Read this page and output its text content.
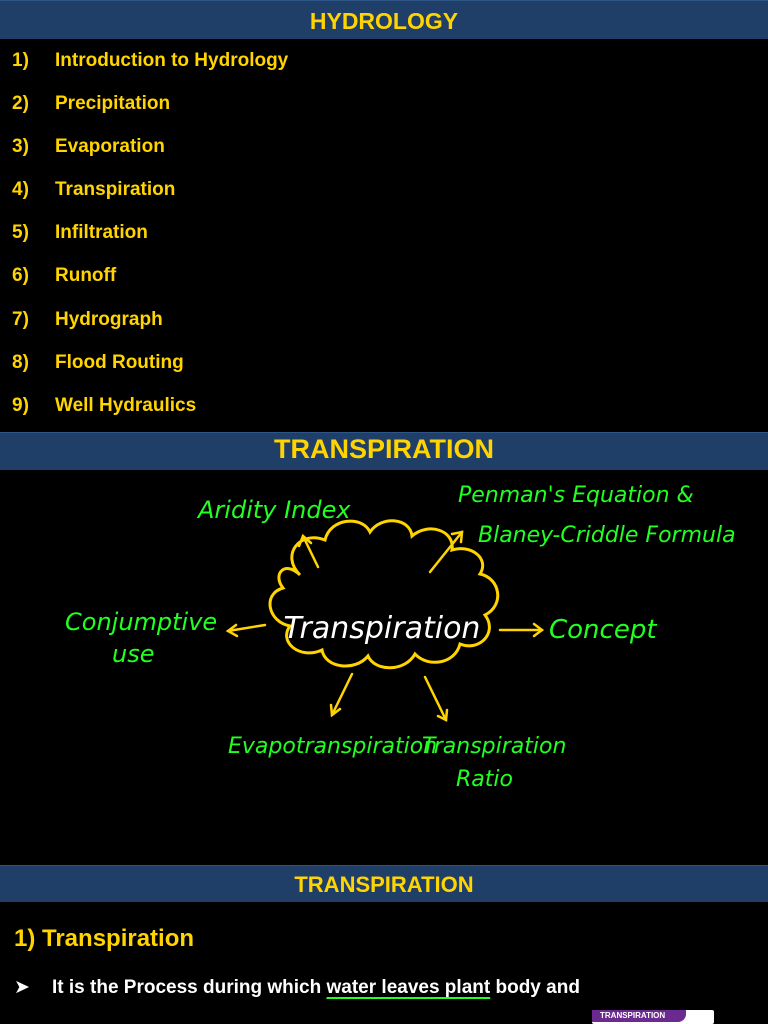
HYDROLOGY
1) Introduction to Hydrology
2) Precipitation
3) Evaporation
4) Transpiration
5) Infiltration
6) Runoff
7) Hydrograph
8) Flood Routing
9) Well Hydraulics
TRANSPIRATION
Transpiration
Aridity Index
Penman's Equation &
Blaney-Criddle Formula
Conjumptive
use
Concept
Evapotranspiration
Transpiration
Ratio
TRANSPIRATION
1) Transpiration
➤ It is the Process during which water leaves plant body and
TRANSPIRATION
